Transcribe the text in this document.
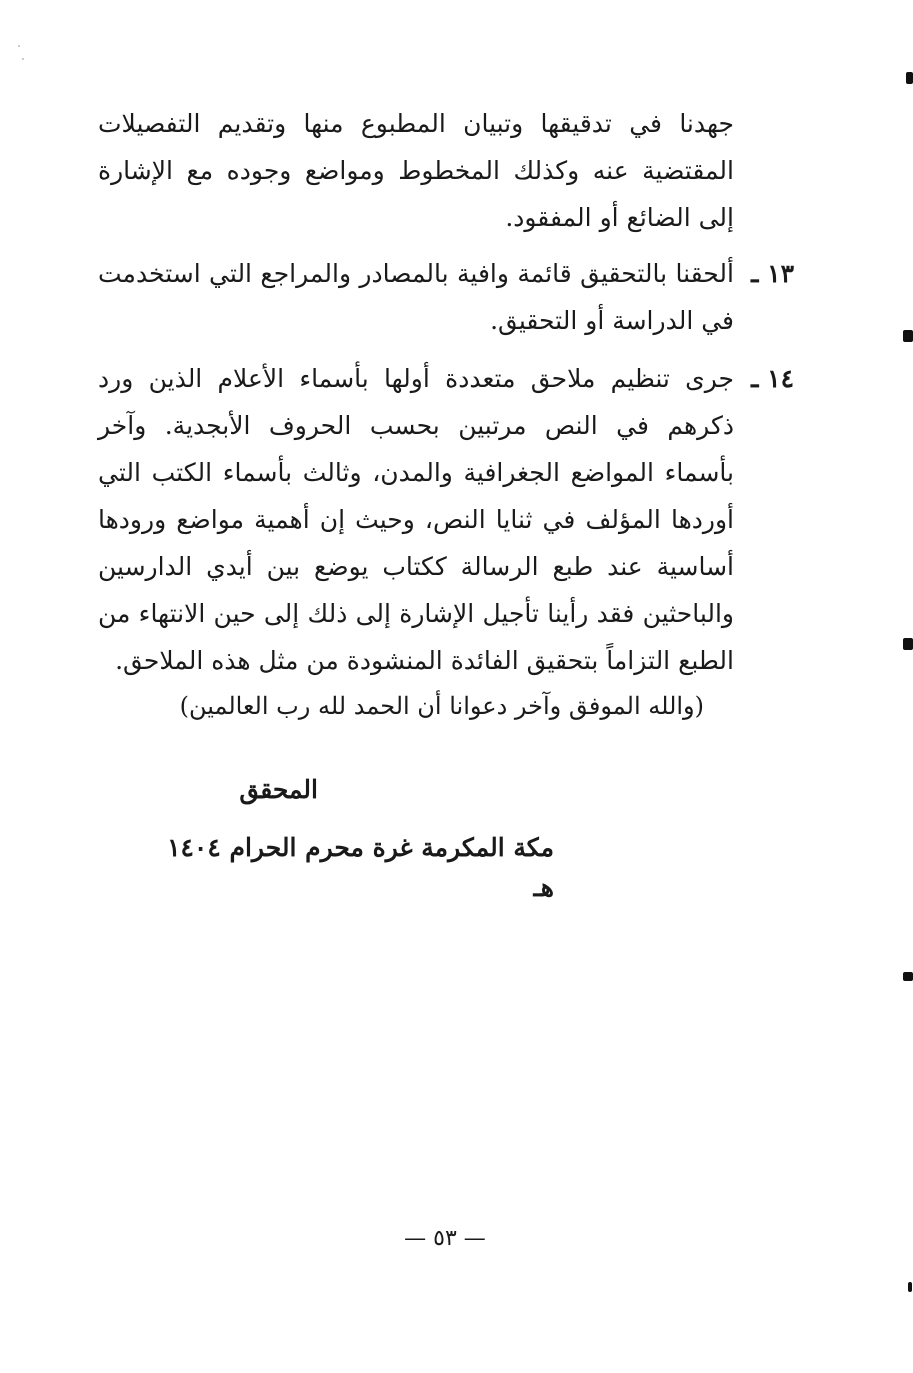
جهدنا في تدقيقها وتبيان المطبوع منها وتقديم التفصيلات المقتضية عنه وكذلك المخطوط ومواضع وجوده مع الإشارة إلى الضائع أو المفقود.

١٣ ـ
ألحقنا بالتحقيق قائمة وافية بالمصادر والمراجع التي استخدمت في الدراسة أو التحقيق.
١٤ ـ
جرى تنظيم ملاحق متعددة أولها بأسماء الأعلام الذين ورد ذكرهم في النص مرتبين بحسب الحروف الأبجدية. وآخر بأسماء المواضع الجغرافية والمدن، وثالث بأسماء الكتب التي أوردها المؤلف في ثنايا النص، وحيث إن أهمية مواضع ورودها أساسية عند طبع الرسالة ككتاب يوضع بين أيدي الدارسين والباحثين فقد رأينا تأجيل الإشارة إلى ذلك إلى حين الانتهاء من الطبع التزاماً بتحقيق الفائدة المنشودة من مثل هذه الملاحق.
(والله الموفق وآخر دعوانا أن الحمد لله رب العالمين)
المحقق
مكة المكرمة غرة محرم الحرام ١٤٠٤ هـ
— ٥٣ —
